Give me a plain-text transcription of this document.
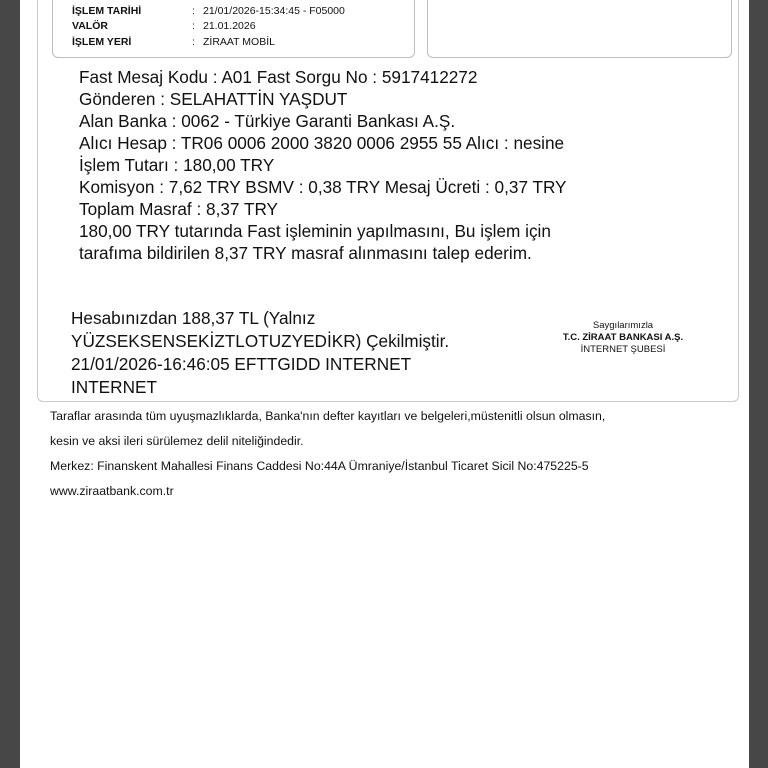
İŞLEM TARİHİ	: 21/01/2026-15:34:45 - F05000
VALÖR	: 21.01.2026
İŞLEM YERİ	: ZİRAAT MOBİL
Fast Mesaj Kodu : A01 Fast Sorgu No : 5917412272
Gönderen : SELAHATTİN YAŞDUT
Alan Banka : 0062 - Türkiye Garanti Bankası A.Ş.
Alıcı Hesap : TR06 0006 2000 3820 0006 2955 55 Alıcı : nesine
İşlem Tutarı : 180,00 TRY
Komisyon : 7,62 TRY BSMV : 0,38 TRY Mesaj Ücreti : 0,37 TRY
Toplam Masraf : 8,37 TRY
180,00 TRY tutarında Fast işleminin yapılmasını, Bu işlem için
tarafıma bildirilen 8,37 TRY masraf alınmasını talep ederim.
Hesabınızdan 188,37 TL (Yalnız
YÜZSEKSENSEKİZTLOTUZYEDİKR) Çekilmiştir.
21/01/2026-16:46:05 EFTTGIDD INTERNET
INTERNET
Saygılarımızla
T.C. ZİRAAT BANKASI A.Ş.
İNTERNET ŞUBESİ
Taraflar arasında tüm uyuşmazlıklarda, Banka'nın defter kayıtları ve belgeleri,müstenitli olsun olmasın,
kesin ve aksi ileri sürülemez delil niteliğindedir.
Merkez: Finanskent Mahallesi Finans Caddesi No:44A Ümraniye/İstanbul Ticaret Sicil No:475225-5
www.ziraatbank.com.tr
